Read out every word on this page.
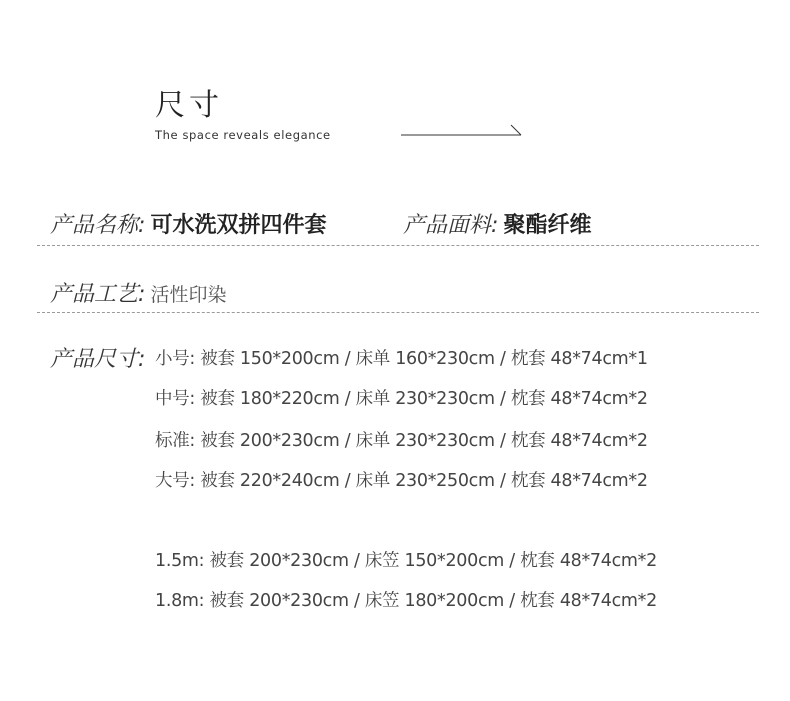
尺寸
The space reveals elegance
产品名称: 可水洗双拼四件套	产品面料: 聚酯纤维
产品工艺: 活性印染
产品尺寸: 小号: 被套 150*200cm / 床单 160*230cm / 枕套 48*74cm*1
中号: 被套 180*220cm / 床单 230*230cm / 枕套 48*74cm*2
标准: 被套 200*230cm / 床单 230*230cm / 枕套 48*74cm*2
大号: 被套 220*240cm / 床单 230*250cm / 枕套 48*74cm*2
1.5m: 被套 200*230cm / 床笠 150*200cm / 枕套 48*74cm*2
1.8m: 被套 200*230cm / 床笠 180*200cm / 枕套 48*74cm*2
